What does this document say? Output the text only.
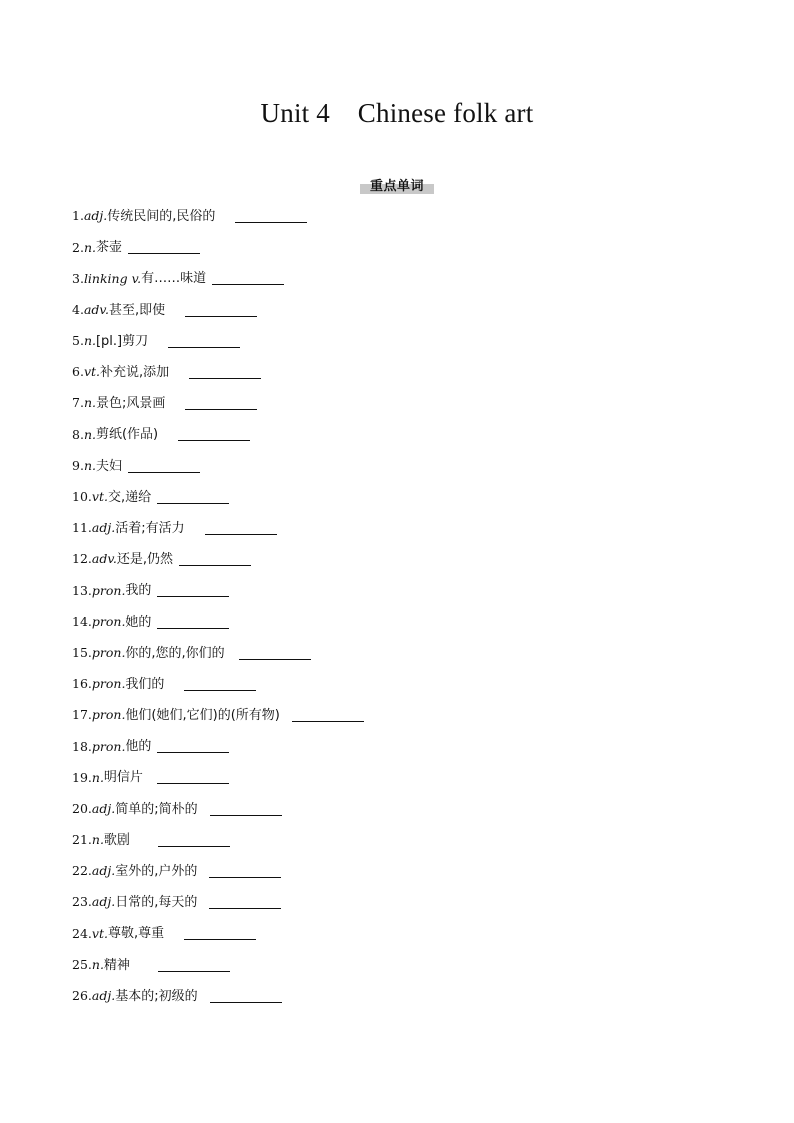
Unit 4    Chinese folk art
重点单词
1. adj. 传统民间的,民俗的
2. n. 茶壶
3. linking v. 有……味道
4. adv. 甚至,即使
5. n. [pl.]剪刀
6. vt. 补充说,添加
7. n. 景色;风景画
8. n. 剪纸(作品)
9. n. 夫妇
10. vt. 交,递给
11. adj. 活着;有活力
12. adv. 还是,仍然
13. pron. 我的
14. pron. 她的
15. pron. 你的,您的,你们的
16. pron. 我们的
17. pron. 他们(她们,它们)的(所有物)
18. pron. 他的
19. n. 明信片
20. adj. 简单的;简朴的
21. n. 歌剧
22. adj. 室外的,户外的
23. adj. 日常的,每天的
24. vt. 尊敬,尊重
25. n. 精神
26. adj. 基本的;初级的
